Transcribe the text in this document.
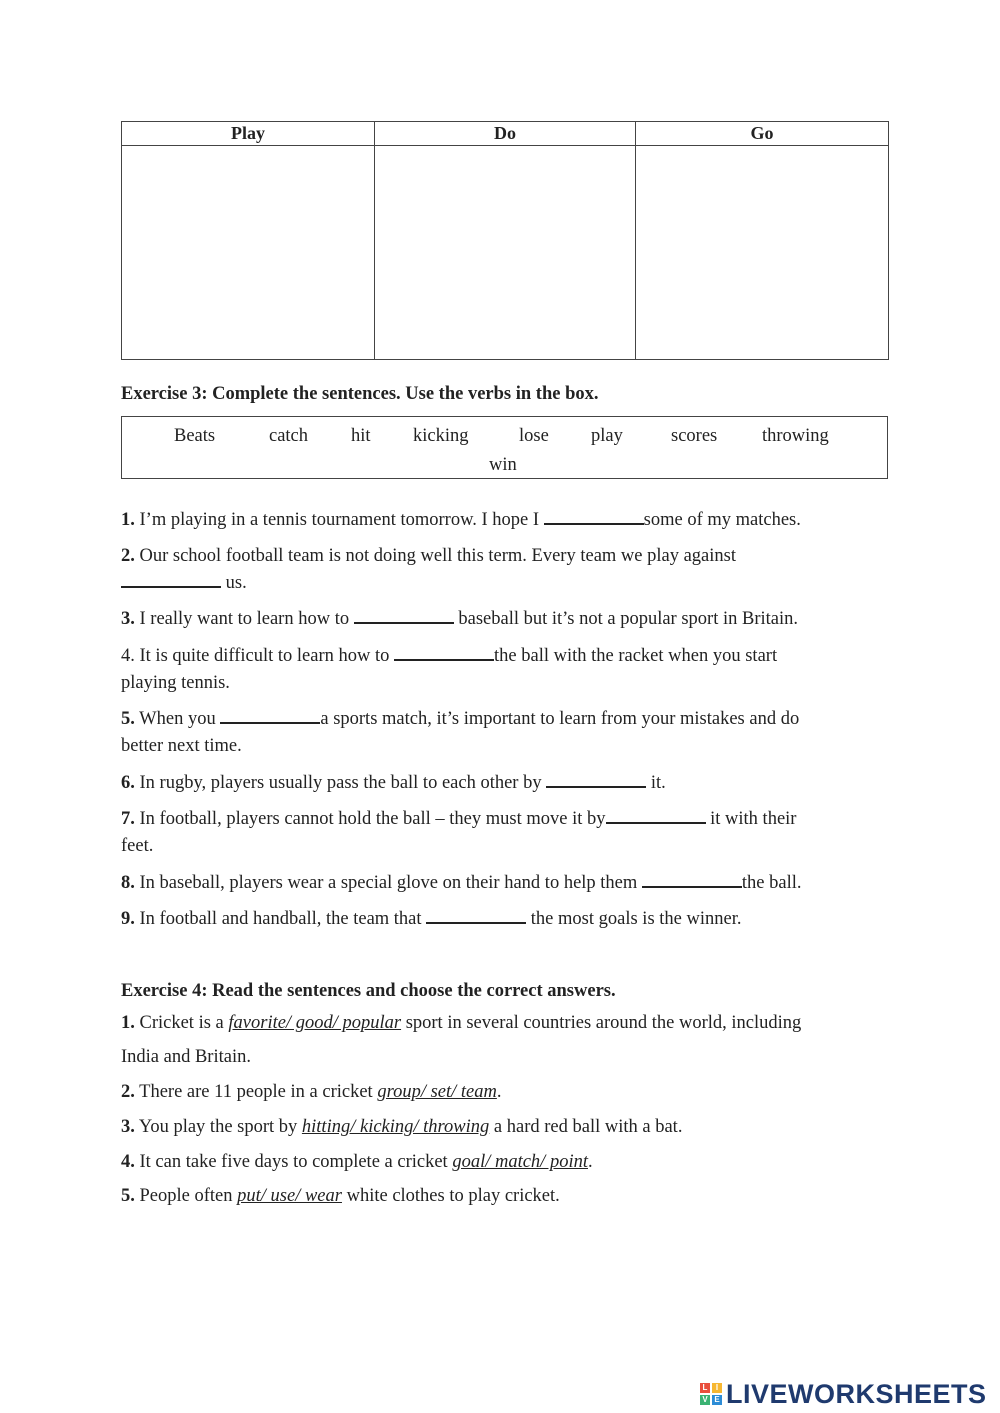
Play	Do	Go

Exercise 3: Complete the sentences. Use the verbs in the box.
Beats	catch hit kicking	lose play	scores throwing
win
1. I’m playing in a tennis tournament tomorrow. I hope I	some of my matches.
2. Our school football team is not doing well this term. Every team we play against
us.
3. I really want to learn how to	baseball but it’s not a popular sport in Britain.
4. It is quite difficult to learn how to	the ball with the racket when you start
playing tennis.
5. When you	a sports match, it’s important to learn from your mistakes and do
better next time.
6. In rugby, players usually pass the ball to each other by	it.
7. In football, players cannot hold the ball – they must move it by	it with their
feet.
8. In baseball, players wear a special glove on their hand to help them	the ball.
9. In football and handball, the team that	the most goals is the winner.
Exercise 4: Read the sentences and choose the correct answers.
1. Cricket is a favorite/ good/ popular sport in several countries around the world, including
India and Britain.
2. There are 11 people in a cricket group/ set/ team.
3. You play the sport by hitting/ kicking/ throwing a hard red ball with a bat.
4. It can take five days to complete a cricket goal/ match/ point.
5. People often put/ use/ wear white clothes to play cricket.
L	I
V E LIVEWORKSHEETS
